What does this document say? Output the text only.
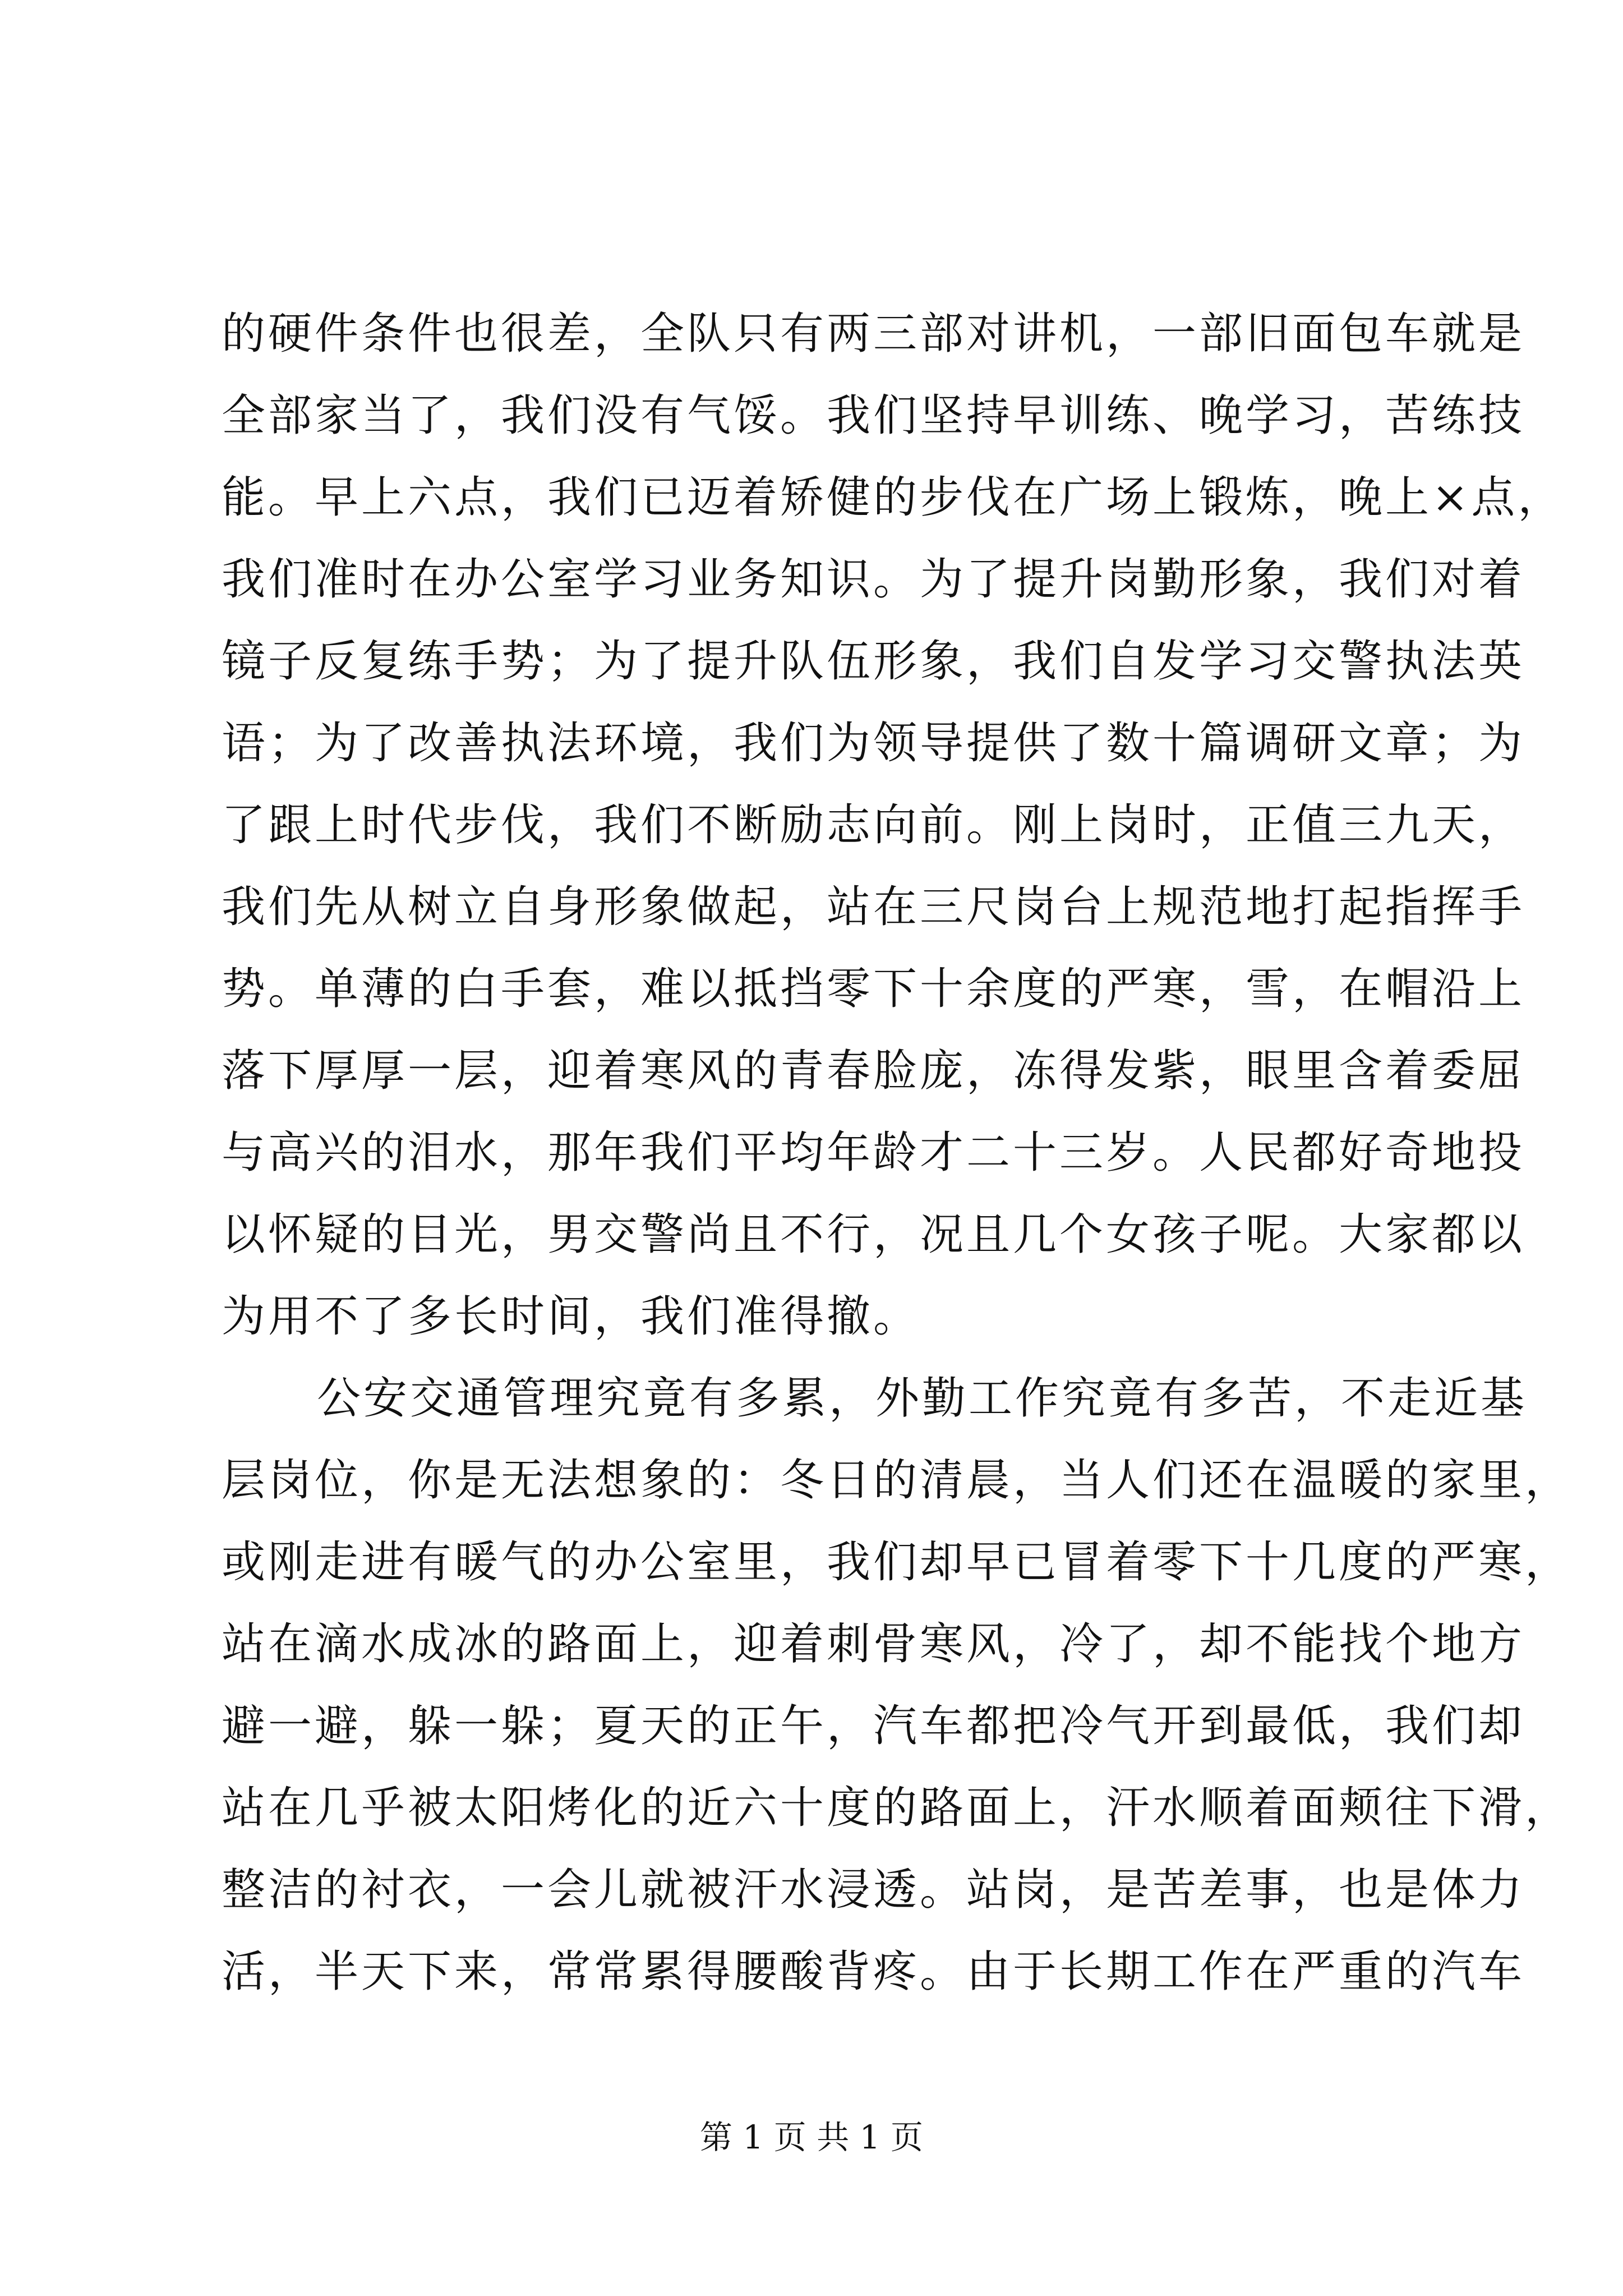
的硬件条件也很差，全队只有两三部对讲机，一部旧面包车就是
全部家当了，我们没有气馁。我们坚持早训练、晚学习，苦练技
能。早上六点，我们已迈着矫健的步伐在广场上锻炼，晚上×点，
我们准时在办公室学习业务知识。为了提升岗勤形象，我们对着
镜子反复练手势；为了提升队伍形象，我们自发学习交警执法英
语；为了改善执法环境，我们为领导提供了数十篇调研文章；为
了跟上时代步伐，我们不断励志向前。刚上岗时，正值三九天，
我们先从树立自身形象做起，站在三尺岗台上规范地打起指挥手
势。单薄的白手套，难以抵挡零下十余度的严寒，雪，在帽沿上
落下厚厚一层，迎着寒风的青春脸庞，冻得发紫，眼里含着委屈
与高兴的泪水，那年我们平均年龄才二十三岁。人民都好奇地投
以怀疑的目光，男交警尚且不行，况且几个女孩子呢。大家都以
为用不了多长时间，我们准得撤。
公安交通管理究竟有多累，外勤工作究竟有多苦，不走近基
层岗位，你是无法想象的：冬日的清晨，当人们还在温暖的家里，
或刚走进有暖气的办公室里，我们却早已冒着零下十几度的严寒，
站在滴水成冰的路面上，迎着刺骨寒风，冷了，却不能找个地方
避一避，躲一躲；夏天的正午，汽车都把冷气开到最低，我们却
站在几乎被太阳烤化的近六十度的路面上，汗水顺着面颊往下滑，
整洁的衬衣，一会儿就被汗水浸透。站岗，是苦差事，也是体力
活，半天下来，常常累得腰酸背疼。由于长期工作在严重的汽车
第 1 页 共 1 页
